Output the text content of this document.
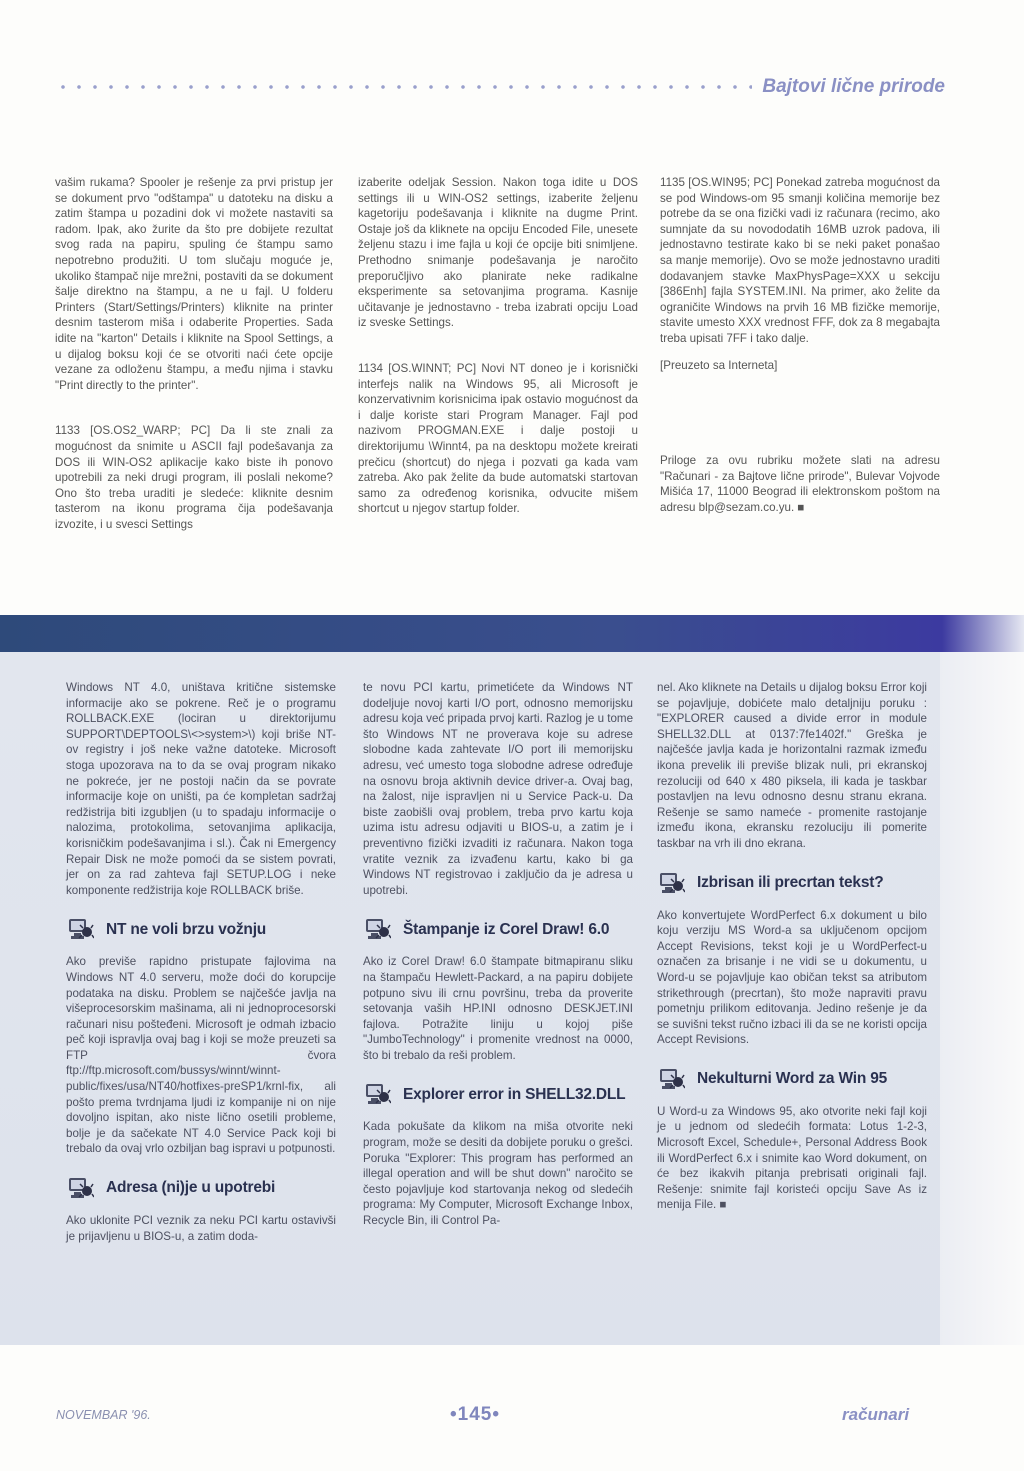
Bajtovi lične prirode

vašim rukama? Spooler je rešenje za prvi pristup jer se dokument prvo "odštampa" u datoteku na disku a zatim štampa u pozadini dok vi možete nastaviti sa radom. Ipak, ako žurite da što pre dobijete rezultat svog rada na papiru, spuling će štampu samo nepotrebno produžiti. U tom slučaju moguće je, ukoliko štampač nije mrežni, postaviti da se dokument šalje direktno na štampu, a ne u fajl. U folderu Printers (Start/Settings/Printers) kliknite na printer desnim tasterom miša i odaberite Properties. Sada idite na "karton" Details i kliknite na Spool Settings, a u dijalog boksu koji će se otvoriti naći ćete opcije vezane za odloženu štampu, a među njima i stavku "Print directly to the printer".

1133 [OS.OS2_WARP; PC] Da li ste znali za mogućnost da snimite u ASCII fajl podešavanja za DOS ili WIN-OS2 aplikacije kako biste ih ponovo upotrebili za neki drugi program, ili poslali nekome? Ono što treba uraditi je sledeće: kliknite desnim tasterom na ikonu programa čija podešavanja izvozite, i u svesci Settings

izaberite odeljak Session. Nakon toga idite u DOS settings ili u WIN-OS2 settings, izaberite željenu kagetoriju podešavanja i kliknite na dugme Print. Ostaje još da kliknete na opciju Encoded File, unesete željenu stazu i ime fajla u koji će opcije biti snimljene. Prethodno snimanje podešavanja je naročito preporučljivo ako planirate neke radikalne eksperimente sa setovanjima programa. Kasnije učitavanje je jednostavno - treba izabrati opciju Load iz sveske Settings.

1134 [OS.WINNT; PC] Novi NT doneo je i korisnički interfejs nalik na Windows 95, ali Microsoft je konzervativnim korisnicima ipak ostavio mogućnost da i dalje koriste stari Program Manager. Fajl pod nazivom PROGMAN.EXE i dalje postoji u direktorijumu \Winnt4, pa na desktopu možete kreirati prečicu (shortcut) do njega i pozvati ga kada vam zatreba. Ako pak želite da bude automatski startovan samo za određenog korisnika, odvucite mišem shortcut u njegov startup folder.

1135 [OS.WIN95; PC] Ponekad zatreba mogućnost da se pod Windows-om 95 smanji količina memorije bez potrebe da se ona fizički vadi iz računara (recimo, ako sumnjate da su novododatih 16MB uzrok padova, ili jednostavno testirate kako bi se neki paket ponašao sa manje memorije). Ovo se može jednostavno uraditi dodavanjem stavke MaxPhysPage=XXX u sekciju [386Enh] fajla SYSTEM.INI. Na primer, ako želite da ograničite Windows na prvih 16 MB fizičke memorije, stavite umesto XXX vrednost FFF, dok za 8 megabajta treba upisati 7FF i tako dalje.

[Preuzeto sa Interneta]

Priloge za ovu rubriku možete slati na adresu "Računari - za Bajtove lične prirode", Bulevar Vojvode Mišića 17, 11000 Beograd ili elektronskom poštom na adresu blp@sezam.co.yu. ■

Windows NT 4.0, uništava kritične sistemske informacije ako se pokrene. Reč je o programu ROLLBACK.EXE (lociran u direktorijumu SUPPORT\DEPTOOLS\<>system>\) koji briše NT-ov registry i još neke važne datoteke. Microsoft stoga upozorava na to da se ovaj program nikako ne pokreće, jer ne postoji način da se povrate informacije koje on uništi, pa će kompletan sadržaj redžistrija biti izgubljen (u to spadaju informacije o nalozima, protokolima, setovanjima aplikacija, korisničkim podešavanjima i sl.). Čak ni Emergency Repair Disk ne može pomoći da se sistem povrati, jer on za rad zahteva fajl SETUP.LOG i neke komponente redžistrija koje ROLLBACK briše.

NT ne voli brzu vožnju

Ako previše rapidno pristupate fajlovima na Windows NT 4.0 serveru, može doći do korupcije podataka na disku. Problem se najčešće javlja na višeprocesorskim mašinama, ali ni jednoprocesorski računari nisu pošteđeni. Microsoft je odmah izbacio peč koji ispravlja ovaj bag i koji se može preuzeti sa FTP čvora ftp://ftp.microsoft.com/bussys/winnt/winnt-public/fixes/usa/NT40/hotfixes-preSP1/krnl-fix, ali pošto prema tvrdnjama ljudi iz kompanije ni on nije dovoljno ispitan, ako niste lično osetili probleme, bolje je da sačekate NT 4.0 Service Pack koji bi trebalo da ovaj vrlo ozbiljan bag ispravi u potpunosti.

Adresa (ni)je u upotrebi

Ako uklonite PCI veznik za neku PCI kartu ostavivši je prijavljenu u BIOS-u, a zatim doda-

te novu PCI kartu, primetićete da Windows NT dodeljuje novoj karti I/O port, odnosno memorijsku adresu koja već pripada prvoj karti. Razlog je u tome što Windows NT ne proverava koje su adrese slobodne kada zahtevate I/O port ili memorijsku adresu, već umesto toga slobodne adrese određuje na osnovu broja aktivnih device driver-a. Ovaj bag, na žalost, nije ispravljen ni u Service Pack-u. Da biste zaobišli ovaj problem, treba prvo kartu koja uzima istu adresu odjaviti u BIOS-u, a zatim je i preventivno fizički izvaditi iz računara. Nakon toga vratite veznik za izvađenu kartu, kako bi ga Windows NT registrovao i zaključio da je adresa u upotrebi.

Štampanje iz Corel Draw! 6.0

Ako iz Corel Draw! 6.0 štampate bitmapiranu sliku na štampaču Hewlett-Packard, a na papiru dobijete potpuno sivu ili crnu površinu, treba da proverite setovanja vaših HP.INI odnosno DESKJET.INI fajlova. Potražite liniju u kojoj piše "JumboTechnology" i promenite vrednost na 0000, što bi trebalo da reši problem.

Explorer error in SHELL32.DLL

Kada pokušate da klikom na miša otvorite neki program, može se desiti da dobijete poruku o grešci. Poruka "Explorer: This program has performed an illegal operation and will be shut down" naročito se često pojavljuje kod startovanja nekog od sledećih programa: My Computer, Microsoft Exchange Inbox, Recycle Bin, ili Control Pa-

nel. Ako kliknete na Details u dijalog boksu Error koji se pojavljuje, dobićete malo detaljniju poruku : "EXPLORER caused a divide error in module SHELL32.DLL at 0137:7fe1402f." Greška je najčešće javlja kada je horizontalni razmak između ikona prevelik ili previše blizak nuli, pri ekranskoj rezoluciji od 640 x 480 piksela, ili kada je taskbar postavljen na levu odnosno desnu stranu ekrana. Rešenje se samo nameće - promenite rastojanje između ikona, ekransku rezoluciju ili pomerite taskbar na vrh ili dno ekrana.

Izbrisan ili precrtan tekst?

Ako konvertujete WordPerfect 6.x dokument u bilo koju verziju MS Word-a sa uključenom opcijom Accept Revisions, tekst koji je u WordPerfect-u označen za brisanje i ne vidi se u dokumentu, u Word-u se pojavljuje kao običan tekst sa atributom strikethrough (precrtan), što može napraviti pravu pometnju prilikom editovanja. Jedino rešenje je da se suvišni tekst ručno izbaci ili da se ne koristi opcija Accept Revisions.

Nekulturni Word za Win 95

U Word-u za Windows 95, ako otvorite neki fajl koji je u jednom od sledećih formata: Lotus 1-2-3, Microsoft Excel, Schedule+, Personal Address Book ili WordPerfect 6.x i snimite kao Word dokument, on će bez ikakvih pitanja prebrisati originali fajl. Rešenje: snimite fajl koristeći opciju Save As iz menija File. ■

NOVEMBAR '96.	•145•	računari
